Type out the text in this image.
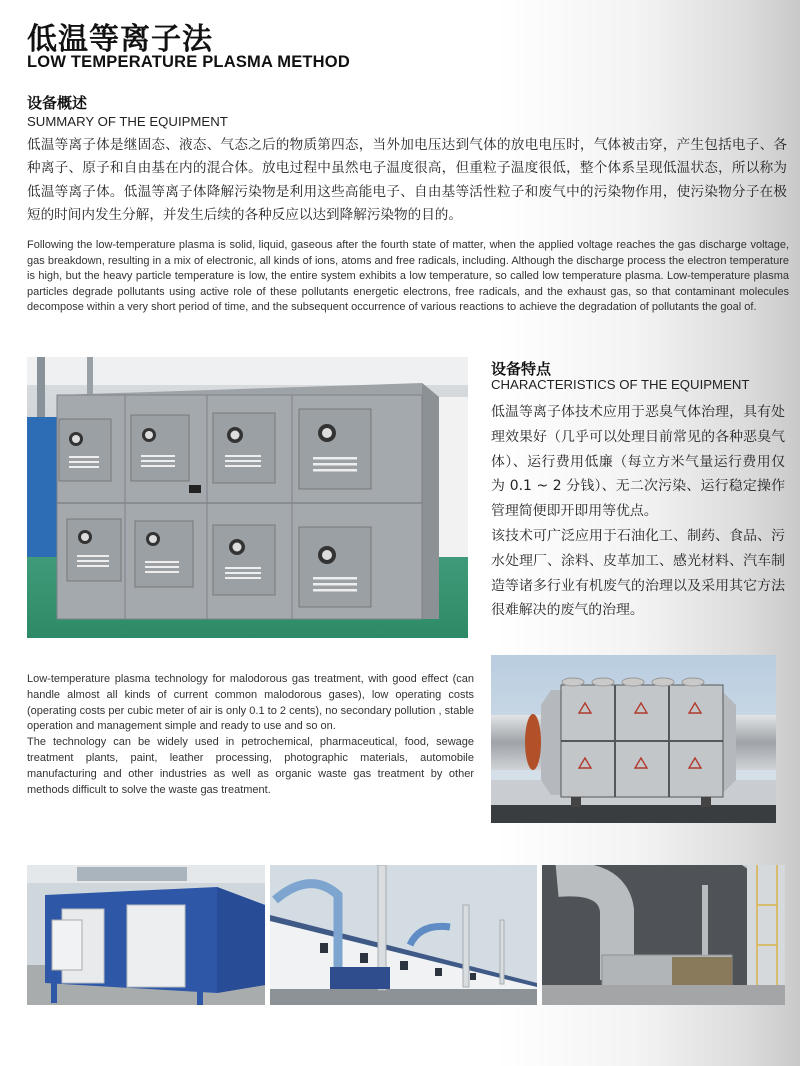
低温等离子法
LOW TEMPERATURE PLASMA METHOD
设备概述
SUMMARY OF THE EQUIPMENT

低温等离子体是继固态、液态、气态之后的物质第四态，当外加电压达到气体的放电电压时，气体被击穿，产生包括电子、各种离子、原子和自由基在内的混合体。放电过程中虽然电子温度很高，但重粒子温度很低，整个体系呈现低温状态，所以称为低温等离子体。低温等离子体降解污染物是利用这些高能电子、自由基等活性粒子和废气中的污染物作用，使污染物分子在极短的时间内发生分解，并发生后续的各种反应以达到降解污染物的目的。

Following the low-temperature plasma is solid, liquid, gaseous after the fourth state of matter, when the applied voltage reaches the gas discharge voltage, gas breakdown, resulting in a mix of electronic, all kinds of ions, atoms and free radicals, including. Although the discharge process the electron temperature is high, but the heavy particle temperature is low, the entire system exhibits a low temperature, so called low temperature plasma. Low-temperature plasma particles degrade pollutants using active role of these pollutants energetic electrons, free radicals, and the exhaust gas, so that contaminant molecules decompose within a very short period of time, and the subsequent occurrence of various reactions to achieve the degradation of pollutants the goal of.

设备特点
CHARACTERISTICS OF THE EQUIPMENT

低温等离子体技术应用于恶臭气体治理，具有处理效果好（几乎可以处理目前常见的各种恶臭气体）、运行费用低廉（每立方米气量运行费用仅为 0.1 ~ 2 分钱）、无二次污染、运行稳定操作管理简便即开即用等优点。

该技术可广泛应用于石油化工、制药、食品、污水处理厂、涂料、皮革加工、感光材料、汽车制造等诸多行业有机废气的治理以及采用其它方法很难解决的废气的治理。

Low-temperature plasma technology for malodorous gas treatment, with good effect (can handle almost all kinds of current common malodorous gases), low operating costs (operating costs per cubic meter of air is only 0.1 to 2 cents), no secondary pollution , stable operation and management simple and ready to use and so on.

The technology can be widely used in petrochemical, pharmaceutical, food, sewage treatment plants, paint, leather processing, photographic materials, automobile manufacturing and other industries as well as organic waste gas treatment by other methods difficult to solve the waste gas treatment.
